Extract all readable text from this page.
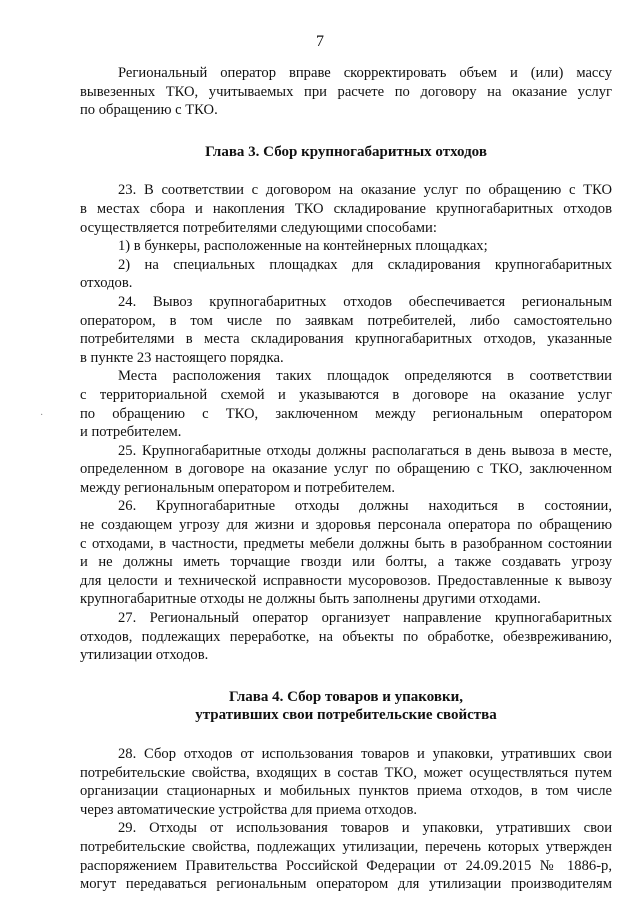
7
·
Региональный оператор вправе скорректировать объем и (или) массу
вывезенных ТКО, учитываемых при расчете по договору на оказание услуг
по обращению с ТКО.
Глава 3. Сбор крупногабаритных отходов
23. В соответствии с договором на оказание услуг по обращению с ТКО
в местах сбора и накопления ТКО складирование крупногабаритных отходов
осуществляется потребителями следующими способами:
1) в бункеры, расположенные на контейнерных площадках;
2) на специальных площадках для складирования крупногабаритных
отходов.
24. Вывоз крупногабаритных отходов обеспечивается региональным
оператором, в том числе по заявкам потребителей, либо самостоятельно
потребителями в места складирования крупногабаритных отходов, указанные
в пункте 23 настоящего порядка.
Места расположения таких площадок определяются в соответствии
с территориальной схемой и указываются в договоре на оказание услуг
по обращению с ТКО, заключенном между региональным оператором
и потребителем.
25. Крупногабаритные отходы должны располагаться в день вывоза в месте,
определенном в договоре на оказание услуг по обращению с ТКО, заключенном
между региональным оператором и потребителем.
26. Крупногабаритные отходы должны находиться в состоянии,
не создающем угрозу для жизни и здоровья персонала оператора по обращению
с отходами, в частности, предметы мебели должны быть в разобранном состоянии
и не должны иметь торчащие гвозди или болты, а также создавать угрозу
для целости и технической исправности мусоровозов. Предоставленные к вывозу
крупногабаритные отходы не должны быть заполнены другими отходами.
27. Региональный оператор организует направление крупногабаритных
отходов, подлежащих переработке, на объекты по обработке, обезвреживанию,
утилизации отходов.
Глава 4. Сбор товаров и упаковки,
утративших свои потребительские свойства
28. Сбор отходов от использования товаров и упаковки, утративших свои
потребительские свойства, входящих в состав ТКО, может осуществляться путем
организации стационарных и мобильных пунктов приема отходов, в том числе
через автоматические устройства для приема отходов.
29. Отходы от использования товаров и упаковки, утративших свои
потребительские свойства, подлежащих утилизации, перечень которых утвержден
распоряжением Правительства Российской Федерации от 24.09.2015 № 1886-р,
могут передаваться региональным оператором для утилизации производителям
